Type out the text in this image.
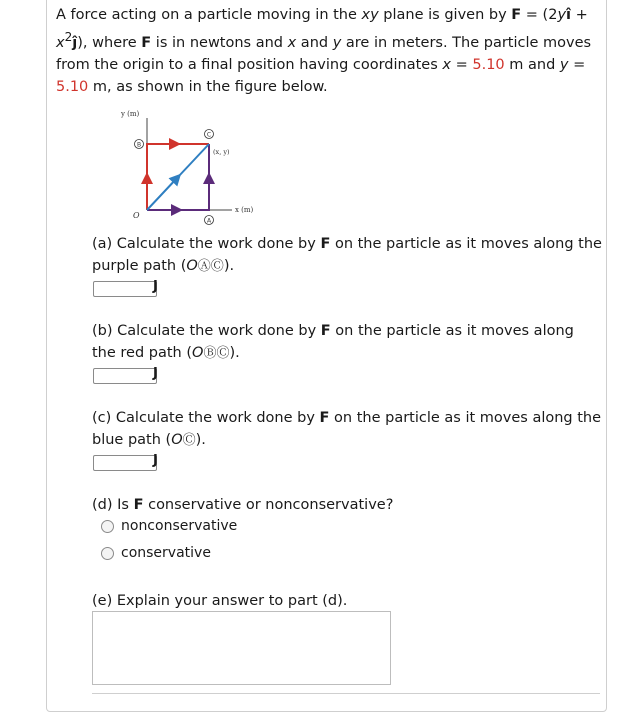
A force acting on a particle moving in the xy plane is given by F = (2yî + $x^2ĵ$), where F is in newtons and x and y are in meters. The particle moves from the origin to a final position having coordinates x = 5.10 m and y = 5.10 m, as shown in the figure below.
y (m)
x (m)
O
B
C
A
(x, y)
(a) Calculate the work done by F on the particle as it moves along the purple path (OⒶⒸ).
J
(b) Calculate the work done by F on the particle as it moves along the red path (OⒷⒸ).
J
(c) Calculate the work done by F on the particle as it moves along the blue path (OⒸ).
J
(d) Is F conservative or nonconservative?
nonconservative
conservative
(e) Explain your answer to part (d).
